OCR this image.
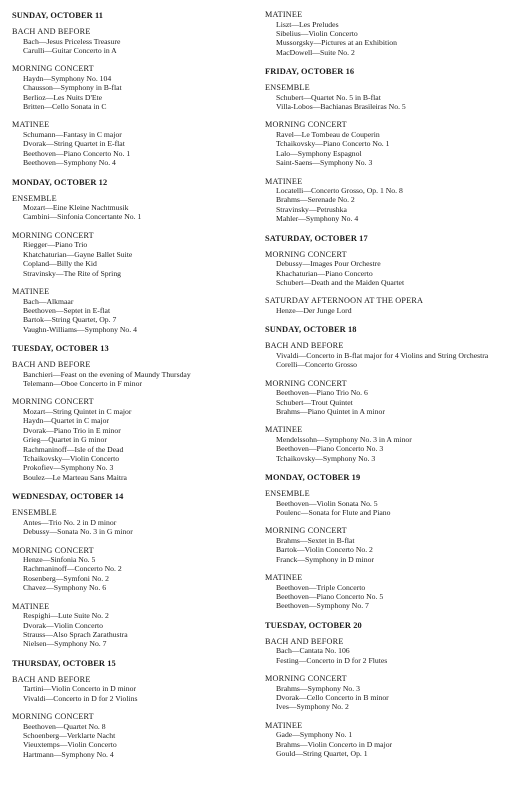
SUNDAY, OCTOBER 11
BACH AND BEFORE
Bach—Jesus Priceless Treasure
Carulli—Guitar Concerto in A
MORNING CONCERT
Haydn—Symphony No. 104
Chausson—Symphony in B-flat
Berlioz—Les Nuits D'Ete
Britten—Cello Sonata in C
MATINEE
Schumann—Fantasy in C major
Dvorak—String Quartet in E-flat
Beethoven—Piano Concerto No. 1
Beethoven—Symphony No. 4
MONDAY, OCTOBER 12
ENSEMBLE
Mozart—Eine Kleine Nachtmusik
Cambini—Sinfonia Concertante No. 1
MORNING CONCERT
Riegger—Piano Trio
Khatchaturian—Gayne Ballet Suite
Copland—Billy the Kid
Stravinsky—The Rite of Spring
MATINEE
Bach—Alkmaar
Beethoven—Septet in E-flat
Bartok—String Quartet, Op. 7
Vaughn-Williams—Symphony No. 4
TUESDAY, OCTOBER 13
BACH AND BEFORE
Banchieri—Feast on the evening of Maundy Thursday
Telemann—Oboe Concerto in F minor
MORNING CONCERT
Mozart—String Quintet in C major
Haydn—Quartet in C major
Dvorak—Piano Trio in E minor
Grieg—Quartet in G minor
Rachmaninoff—Isle of the Dead
Tchaikovsky—Violin Concerto
Prokofiev—Symphony No. 3
Boulez—Le Marteau Sans Maitra
WEDNESDAY, OCTOBER 14
ENSEMBLE
Antes—Trio No. 2 in D minor
Debussy—Sonata No. 3 in G minor
MORNING CONCERT
Henze—Sinfonia No. 5
Rachmaninoff—Concerto No. 2
Rosenberg—Symfoni No. 2
Chavez—Symphony No. 6
MATINEE
Respighi—Lute Suite No. 2
Dvorak—Violin Concerto
Strauss—Also Sprach Zarathustra
Nielsen—Symphony No. 7
THURSDAY, OCTOBER 15
BACH AND BEFORE
Tartini—Violin Concerto in D minor
Vivaldi—Concerto in D for 2 Violins
MORNING CONCERT
Beethoven—Quartet No. 8
Schoenberg—Verklarte Nacht
Vieuxtemps—Violin Concerto
Hartmann—Symphony No. 4
MATINEE
Liszt—Les Preludes
Sibelius—Violin Concerto
Mussorgsky—Pictures at an Exhibition
MacDowell—Suite No. 2
FRIDAY, OCTOBER 16
ENSEMBLE
Schubert—Quartet No. 5 in B-flat
Villa-Lobos—Bachianas Brasileiras No. 5
MORNING CONCERT
Ravel—Le Tombeau de Couperin
Tchaikovsky—Piano Concerto No. 1
Lalo—Symphony Espagnol
Saint-Saens—Symphony No. 3
MATINEE
Locatelli—Concerto Grosso, Op. 1 No. 8
Brahms—Serenade No. 2
Stravinsky—Petrushka
Mahler—Symphony No. 4
SATURDAY, OCTOBER 17
MORNING CONCERT
Debussy—Images Pour Orchestre
Khachaturian—Piano Concerto
Schubert—Death and the Maiden Quartet
SATURDAY AFTERNOON AT THE OPERA
Henze—Der Junge Lord
SUNDAY, OCTOBER 18
BACH AND BEFORE
Vivaldi—Concerto in B-flat major for 4 Violins and String Orchestra
Corelli—Concerto Grosso
MORNING CONCERT
Beethoven—Piano Trio No. 6
Schubert—Trout Quintet
Brahms—Piano Quintet in A minor
MATINEE
Mendelssohn—Symphony No. 3 in A minor
Beethoven—Piano Concerto No. 3
Tchaikovsky—Symphony No. 3
MONDAY, OCTOBER 19
ENSEMBLE
Beethoven—Violin Sonata No. 5
Poulenc—Sonata for Flute and Piano
MORNING CONCERT
Brahms—Sextet in B-flat
Bartok—Violin Concerto No. 2
Franck—Symphony in D minor
MATINEE
Beethoven—Triple Concerto
Beethoven—Piano Concerto No. 5
Beethoven—Symphony No. 7
TUESDAY, OCTOBER 20
BACH AND BEFORE
Bach—Cantata No. 106
Festing—Concerto in D for 2 Flutes
MORNING CONCERT
Brahms—Symphony No. 3
Dvorak—Cello Concerto in B minor
Ives—Symphony No. 2
MATINEE
Gade—Symphony No. 1
Brahms—Violin Concerto in D major
Gould—String Quartet, Op. 1
